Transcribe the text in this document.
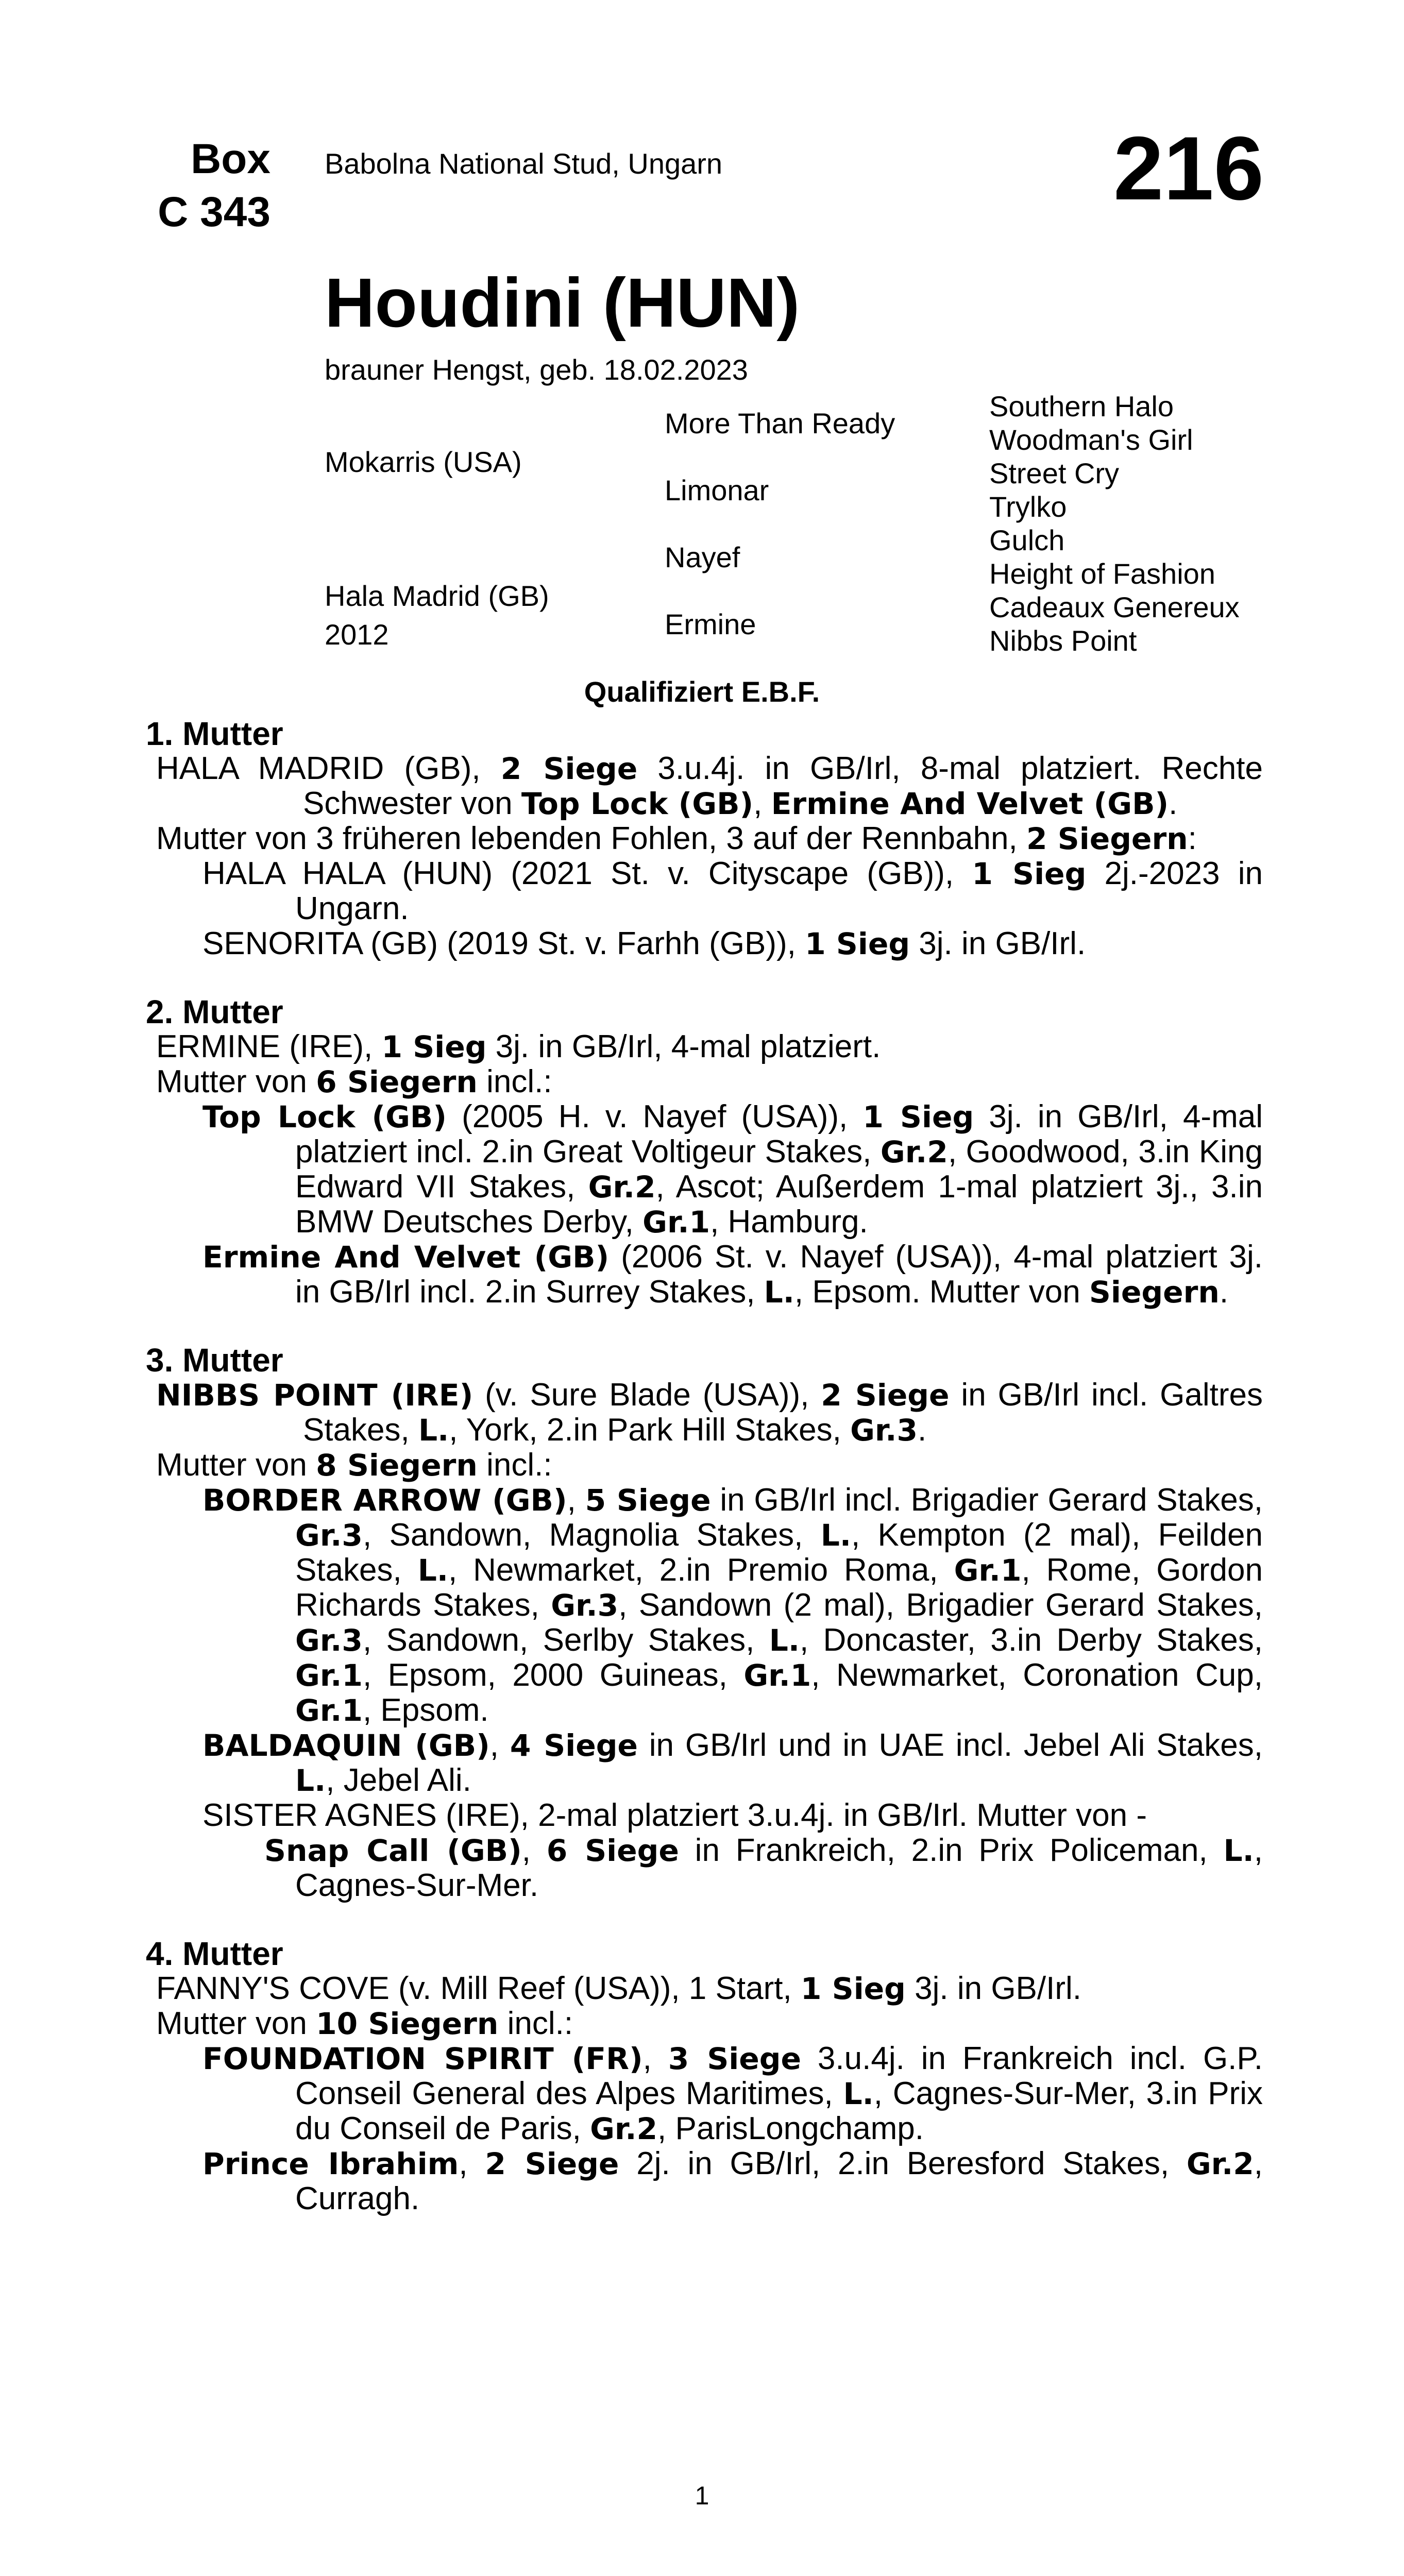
Box
C 343
Babolna National Stud, Ungarn	216
Houdini (HUN)
brauner Hengst, geb. 18.02.2023
Mokarris (USA)
Hala Madrid (GB)
2012
More Than Ready
Limonar
Nayef
Ermine
Southern Halo
Woodman's Girl
Street Cry
Trylko
Gulch
Height of Fashion
Cadeaux Genereux
Nibbs Point
Qualifiziert E.B.F.
1. Mutter
HALA MADRID (GB), 2 Siege 3.u.4j. in GB/Irl, 8-mal platziert. Rechte Schwester von Top Lock (GB), Ermine And Velvet (GB).
Mutter von 3 früheren lebenden Fohlen, 3 auf der Rennbahn, 2 Siegern:
HALA HALA (HUN) (2021 St. v. Cityscape (GB)), 1 Sieg 2j.-2023 in Ungarn.
SENORITA (GB) (2019 St. v. Farhh (GB)), 1 Sieg 3j. in GB/Irl.
2. Mutter
ERMINE (IRE), 1 Sieg 3j. in GB/Irl, 4-mal platziert.
Mutter von 6 Siegern incl.:
Top Lock (GB) (2005 H. v. Nayef (USA)), 1 Sieg 3j. in GB/Irl, 4-mal platziert incl. 2.in Great Voltigeur Stakes, Gr.2, Goodwood, 3.in King Edward VII Stakes, Gr.2, Ascot; Außerdem 1-mal platziert 3j., 3.in BMW Deutsches Derby, Gr.1, Hamburg.
Ermine And Velvet (GB) (2006 St. v. Nayef (USA)), 4-mal platziert 3j. in GB/Irl incl. 2.in Surrey Stakes, L., Epsom. Mutter von Siegern.
3. Mutter
NIBBS POINT (IRE) (v. Sure Blade (USA)), 2 Siege in GB/Irl incl. Galtres Stakes, L., York, 2.in Park Hill Stakes, Gr.3.
Mutter von 8 Siegern incl.:
BORDER ARROW (GB), 5 Siege in GB/Irl incl. Brigadier Gerard Stakes, Gr.3, Sandown, Magnolia Stakes, L., Kempton (2 mal), Feilden Stakes, L., Newmarket, 2.in Premio Roma, Gr.1, Rome, Gordon Richards Stakes, Gr.3, Sandown (2 mal), Brigadier Gerard Stakes, Gr.3, Sandown, Serlby Stakes, L., Doncaster, 3.in Derby Stakes, Gr.1, Epsom, 2000 Guineas, Gr.1, Newmarket, Coronation Cup, Gr.1, Epsom.
BALDAQUIN (GB), 4 Siege in GB/Irl und in UAE incl. Jebel Ali Stakes, L., Jebel Ali.
SISTER AGNES (IRE), 2-mal platziert 3.u.4j. in GB/Irl. Mutter von -
Snap Call (GB), 6 Siege in Frankreich, 2.in Prix Policeman, L., Cagnes-Sur-Mer.
4. Mutter
FANNY'S COVE (v. Mill Reef (USA)), 1 Start, 1 Sieg 3j. in GB/Irl.
Mutter von 10 Siegern incl.:
FOUNDATION SPIRIT (FR), 3 Siege 3.u.4j. in Frankreich incl. G.P. Conseil General des Alpes Maritimes, L., Cagnes-Sur-Mer, 3.in Prix du Conseil de Paris, Gr.2, ParisLongchamp.
Prince Ibrahim, 2 Siege 2j. in GB/Irl, 2.in Beresford Stakes, Gr.2, Curragh.
1
